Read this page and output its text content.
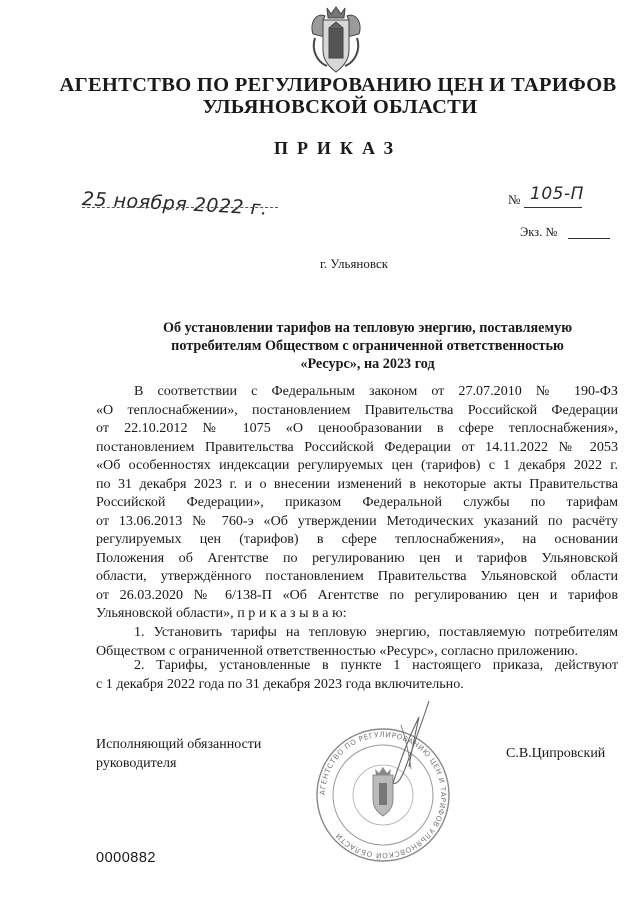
АГЕНТСТВО ПО РЕГУЛИРОВАНИЮ ЦЕН И ТАРИФОВ
УЛЬЯНОВСКОЙ ОБЛАСТИ
ПРИКАЗ
25 ноября 2022 г.	№ 105-П
Экз. №
г. Ульяновск
Об установлении тарифов на тепловую энергию, поставляемую
потребителям Обществом с ограниченной ответственностью
«Ресурс», на 2023 год
В соответствии с Федеральным законом от 27.07.2010 № 190-ФЗ
«О теплоснабжении», постановлением Правительства Российской Федерации
от 22.10.2012 № 1075 «О ценообразовании в сфере теплоснабжения»,
постановлением Правительства Российской Федерации от 14.11.2022 № 2053
«Об особенностях индексации регулируемых цен (тарифов) с 1 декабря 2022 г.
по 31 декабря 2023 г. и о внесении изменений в некоторые акты Правительства
Российской Федерации», приказом Федеральной службы по тарифам
от 13.06.2013 № 760-э «Об утверждении Методических указаний по расчёту
регулируемых цен (тарифов) в сфере теплоснабжения», на основании
Положения об Агентстве по регулированию цен и тарифов Ульяновской
области, утверждённого постановлением Правительства Ульяновской области
от 26.03.2020 № 6/138-П «Об Агентстве по регулированию цен и тарифов
Ульяновской области», п р и к а з ы в а ю:
1. Установить тарифы на тепловую энергию, поставляемую потребителям
Обществом с ограниченной ответственностью «Ресурс», согласно приложению.
2. Тарифы, установленные в пункте 1 настоящего приказа, действуют
с 1 декабря 2022 года по 31 декабря 2023 года включительно.
Исполняющий обязанности
руководителя
АГЕНТСТВО ПО РЕГУЛИРОВАНИЮ ЦЕН И ТАРИФОВ УЛЬЯНОВСКОЙ ОБЛАСТИ
С.В.Ципровский
0000882
